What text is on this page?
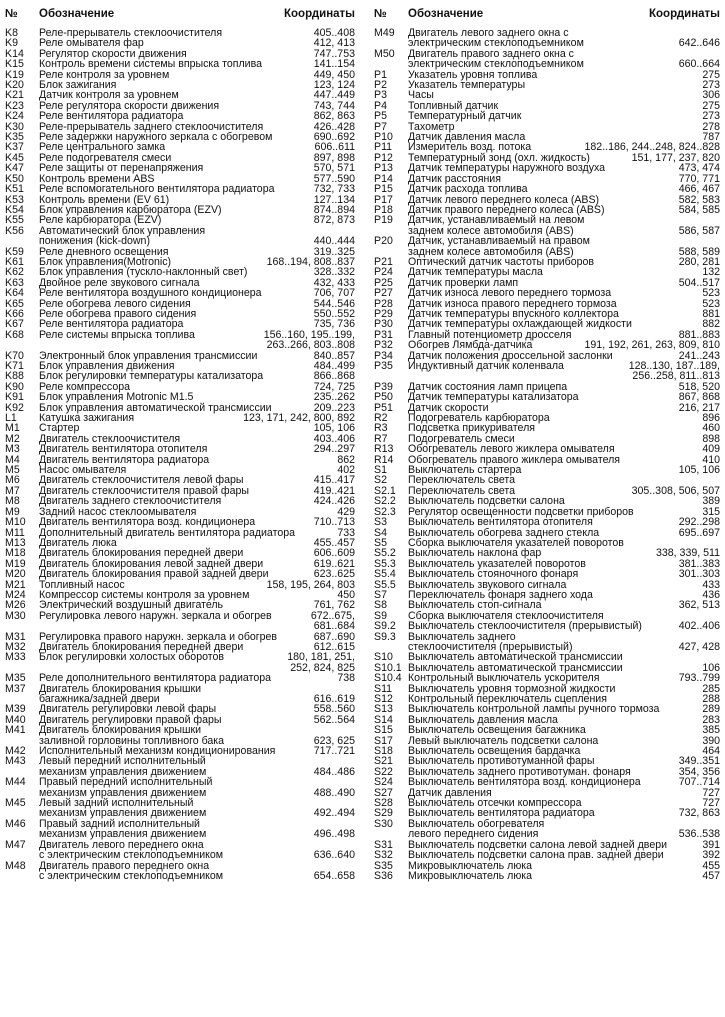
№	Обозначение	Координаты
K8	Реле-прерыватель стеклоочистителя	405..408
K9	Реле омывателя фар	412, 413
K14	Регулятор скорости движения	747..753
K15	Контроль времени системы впрыска топлива	141..154
K19	Реле контроля за уровнем	449, 450
K20	Блок зажигания	123, 124
K21	Датчик контроля за уровнем	447..449
K23	Реле регулятора скорости движения	743, 744
K24	Реле вентилятора радиатора	862, 863
K30	Реле-прерыватель заднего стеклоочистителя	426..428
K35	Реле задержки наружного зеркала с обогревом	690..692
K37	Реле центрального замка	606..611
K45	Реле подогревателя смеси	897, 898
K47	Реле защиты от перенапряжения	570, 571
K50	Контроль времени ABS	577..590
K51	Реле вспомогательного вентилятора радиатора	732, 733
K53	Контроль времени (EV 61)	127..134
K54	Блок управления карбюратора (EZV)	874..894
K55	Реле карбюратора (EZV)	872, 873
K56	Автоматический блок управления
понижения (kick-down)	440..444
K59	Реле дневного освещения	319..325
K61	Блок управления(Motronic)	168..194, 808..837
K62	Блок управления (тускло-наклонный свет)	328..332
K63	Двойное реле звукового сигнала	432, 433
K64	Реле вентилятора воздушного кондиционера	706, 707
K65	Реле обогрева левого сидения	544..546
K66	Реле обогрева правого сидения	550..552
K67	Реле вентилятора радиатора	735, 736
K68	Реле системы впрыска топлива	156..160, 195..199,
263..266, 803..808
K70	Электронный блок управления трансмиссии	840..857
K71	Блок управления движения	484..499
K88	Блок регулировки температуры катализатора	866..868
K90	Реле компрессора	724, 725
K91	Блок управления Motronic M1.5	235..262
K92	Блок управления автоматической трансмиссии	209..223
L1	Катушка зажигания	123, 171, 242, 800, 892
M1	Стартер	105, 106
M2	Двигатель стеклоочистителя	403..406
M3	Двигатель вентилятора отопителя	294..297
M4	Двигатель вентилятора радиатора	862
M5	Насос омывателя	402
M6	Двигатель стеклоочистителя левой фары	415..417
M7	Двигатель стеклоочистителя правой фары	419..421
M8	Двигатель заднего стеклоочистителя	424..426
M9	Задний насос стеклоомывателя	429
M10	Двигатель вентилятора возд. кондиционера	710..713
M11	Дополнительный двигатель вентилятора радиатора	733
M13	Двигатель люка	455..457
M18	Двигатель блокирования передней двери	606..609
M19	Двигатель блокирования левой задней двери	619..621
M20	Двигатель блокирования правой задней двери	623..625
M21	Топливный насос	158, 195, 264, 803
M24	Компрессор системы контроля за уровнем	450
M26	Электрический воздушный двигатель	761, 762
M30	Регулировка левого наружн. зеркала и обогрев	672..675,
681..684
M31	Регулировка правого наружн. зеркала и обогрев	687..690
M32	Двигатель блокирования передней двери	612..615
M33	Блок регулировки холостых оборотов	180, 181, 251,
252, 824, 825
M35	Реле дополнительного вентилятора радиатора	738
M37	Двигатель блокирования крышки
багажника/задней двери	616..619
M39	Двигатель регулировки левой фары	558..560
M40	Двигатель регулировки правой фары	562..564
M41	Двигатель блокирования крышки
заливной горловины топливного бака	623, 625
M42	Исполнительный механизм кондиционирования	717..721
M43	Левый передний исполнительный
механизм управления движением	484..486
M44	Правый передний исполнительный
механизм управления движением	488..490
M45	Левый задний исполнительный
механизм управления движением	492..494
M46	Правый задний исполнительный
механизм управления движением	496..498
M47	Двигатель левого переднего окна
с электрическим стеклоподъемником	636..640
M48	Двигатель правого переднего окна
с электрическим стеклоподъемником	654..658
№	Обозначение	Координаты
M49	Двигатель левого заднего окна с
электрическим стеклоподъемником	642..646
M50	Двигатель правого заднего окна с
электрическим стеклоподъемником	660..664
P1	Указатель уровня топлива	275
P2	Указатель температуры	273
P3	Часы	306
P4	Топливный датчик	275
P5	Температурный датчик	273
P7	Тахометр	278
P10	Датчик давления масла	787
P11	Измеритель возд. потока	182..186, 244..248, 824..828
P12	Температурный зонд (охл. жидкость)	151, 177, 237, 820
P13	Датчик температуры наружного воздуха	473, 474
P14	Датчик расстояния	770, 771
P15	Датчик расхода топлива	466, 467
P17	Датчик левого переднего колеса (ABS)	582, 583
P18	Датчик правого переднего колеса (ABS)	584, 585
P19	Датчик, устанавливаемый на левом
заднем колесе автомобиля (ABS)	586, 587
P20	Датчик, устанавливаемый на правом
заднем колесе автомобиля (ABS)	588, 589
P21	Оптический датчик частоты приборов	280, 281
P24	Датчик температуры масла	132
P25	Датчик проверки ламп	504..517
P27	Датчик износа левого переднего тормоза	523
P28	Датчик износа правого переднего тормоза	523
P29	Датчик температуры впускного коллектора	881
P30	Датчик температуры охлаждающей жидкости	882
P31	Главный потенциометр дросселя	881..883
P32	Обогрев Лямбда-датчика	191, 192, 261, 263, 809, 810
P34	Датчик положения дроссельной заслонки	241..243
P35	Индуктивный датчик коленвала	128..130, 187..189,
256..258, 811..813
P39	Датчик состояния ламп прицепа	518, 520
P50	Датчик температуры катализатора	867, 868
P51	Датчик скорости	216, 217
R2	Подогреватель карбюратора	896
R3	Подсветка прикуривателя	460
R7	Подогреватель смеси	898
R13	Обогреватель левого жиклера омывателя	409
R14	Обогреватель правого жиклера омывателя	410
S1	Выключатель стартера	105, 106
S2	Переключатель света
S2.1	Переключатель света	305..308, 506, 507
S2.2	Выключатель подсветки салона	389
S2.3	Регулятор освещенности подсветки приборов	315
S3	Выключатель вентилятора отопителя	292..298
S4	Выключатель обогрева заднего стекла	695..697
S5	Сборка выключателя указателей поворотов
S5.2	Выключатель наклона фар	338, 339, 511
S5.3	Выключатель указателей поворотов	381..383
S5.4	Выключатель стояночного фонаря	301..303
S5.5	Выключатель звукового сигнала	433
S7	Переключатель фонаря заднего хода	436
S8	Выключатель стоп-сигнала	362, 513
S9	Сборка выключателя стеклоочистителя
S9.2	Выключатель стеклоочистителя (прерывистый)	402..406
S9.3	Выключатель заднего
стеклоочистителя (прерывистый)	427, 428
S10	Выключатель автоматической трансмиссии
S10.1 Выключатель автоматической трансмиссии	106
S10.4 Контрольный выключатель ускорителя	793..799
S11	Выключатель уровня тормозной жидкости	285
S12	Контрольный переключатель сцепления	288
S13	Выключатель контрольной лампы ручного тормоза	289
S14	Выключатель давления масла	283
S15	Выключатель освещения багажника	385
S17	Левый выключатель подсветки салона	390
S18	Выключатель освещения бардачка	464
S21	Выключатель противотуманной фары	349..351
S22	Выключатель заднего противотуман. фонаря	354, 356
S24	Выключатель вентилятора возд. кондиционера	707..714
S27	Датчик давления	727
S28	Выключатель отсечки компрессора	727
S29	Выключатель вентилятора радиатора	732, 863
S30	Выключатель обогревателя
левого переднего сидения	536..538
S31	Выключатель подсветки салона левой задней двери	391
S32	Выключатель подсветки салона прав. задней двери	392
S35	Микровыключатель люка	455
S36	Микровыключатель люка	457
